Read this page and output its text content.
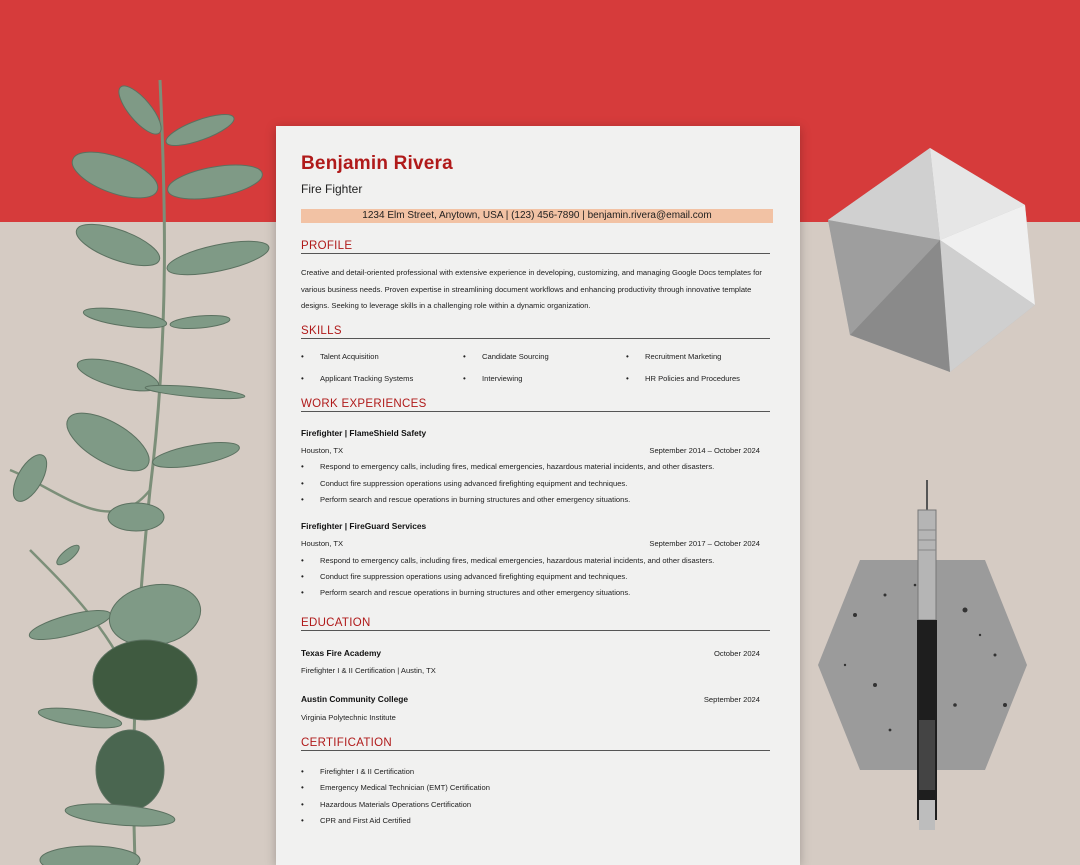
Benjamin Rivera
Fire Fighter
1234 Elm Street, Anytown, USA | (123) 456-7890 | benjamin.rivera@email.com
PROFILE
Creative and detail-oriented professional with extensive experience in developing, customizing, and managing Google Docs templates for various business needs. Proven expertise in streamlining document workflows and enhancing productivity through innovative template designs. Seeking to leverage skills in a challenging role within a dynamic organization.
SKILLS
• Talent Acquisition	• Candidate Sourcing	• Recruitment Marketing
• Applicant Tracking Systems	• Interviewing	• HR Policies and Procedures
WORK EXPERIENCES
Firefighter | FlameShield Safety
Houston, TX	September 2014 – October 2024
• Respond to emergency calls, including fires, medical emergencies, hazardous material incidents, and other disasters.
• Conduct fire suppression operations using advanced firefighting equipment and techniques.
• Perform search and rescue operations in burning structures and other emergency situations.
Firefighter | FireGuard Services
Houston, TX	September 2017 – October 2024
• Respond to emergency calls, including fires, medical emergencies, hazardous material incidents, and other disasters.
• Conduct fire suppression operations using advanced firefighting equipment and techniques.
• Perform search and rescue operations in burning structures and other emergency situations.
EDUCATION
Texas Fire Academy	October 2024
Firefighter I & II Certification | Austin, TX
Austin Community College	September 2024
Virginia Polytechnic Institute
CERTIFICATION
• Firefighter I & II Certification
• Emergency Medical Technician (EMT) Certification
• Hazardous Materials Operations Certification
• CPR and First Aid Certified
